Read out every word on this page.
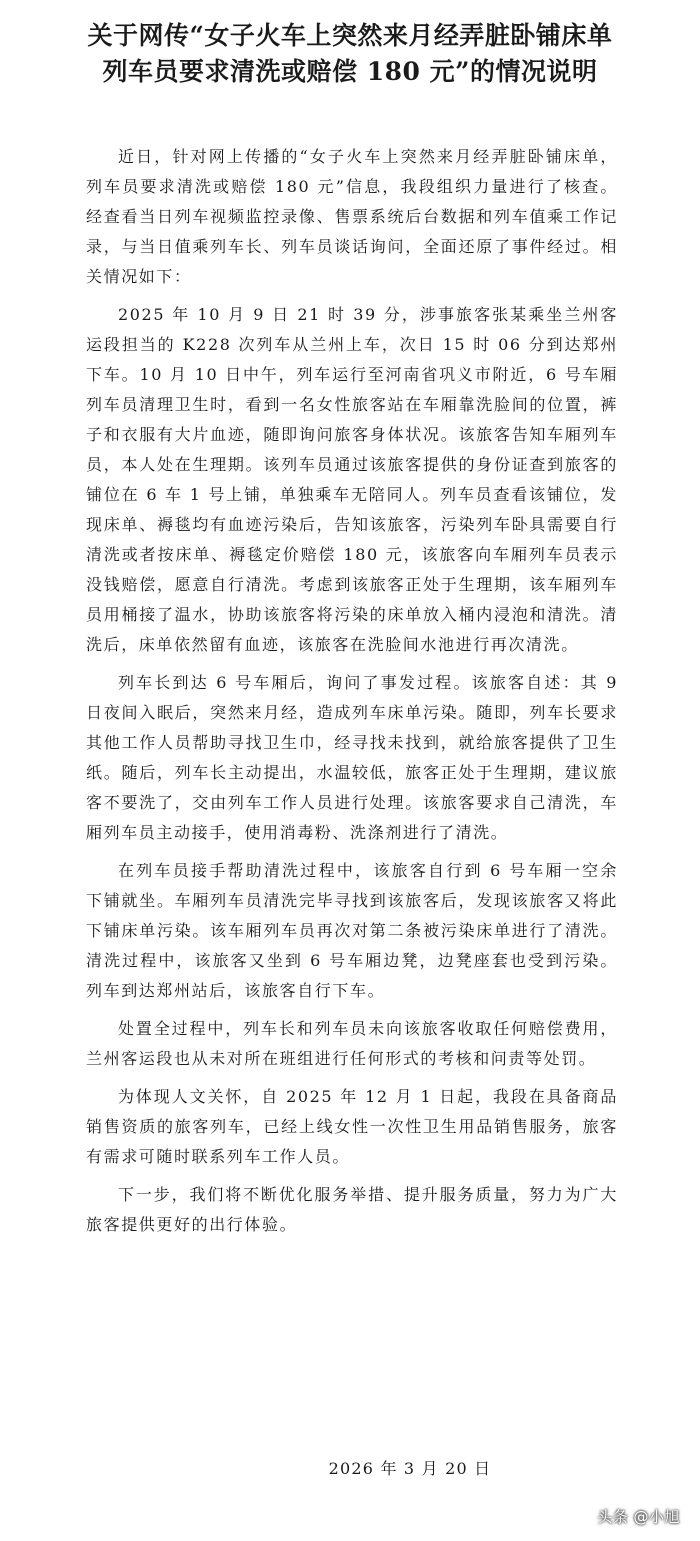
关于网传“女子火车上突然来月经弄脏卧铺床单
列车员要求清洗或赔偿 180 元”的情况说明

近日，针对网上传播的“女子火车上突然来月经弄脏卧铺床单，列车员要求清洗或赔偿 180 元”信息，我段组织力量进行了核查。经查看当日列车视频监控录像、售票系统后台数据和列车值乘工作记录，与当日值乘列车长、列车员谈话询问，全面还原了事件经过。相关情况如下：

2025 年 10 月 9 日 21 时 39 分，涉事旅客张某乘坐兰州客运段担当的 K228 次列车从兰州上车，次日 15 时 06 分到达郑州下车。10 月 10 日中午，列车运行至河南省巩义市附近，6 号车厢列车员清理卫生时，看到一名女性旅客站在车厢靠洗脸间的位置，裤子和衣服有大片血迹，随即询问旅客身体状况。该旅客告知车厢列车员，本人处在生理期。该列车员通过该旅客提供的身份证查到旅客的铺位在 6 车 1 号上铺，单独乘车无陪同人。列车员查看该铺位，发现床单、褥毯均有血迹污染后，告知该旅客，污染列车卧具需要自行清洗或者按床单、褥毯定价赔偿 180 元，该旅客向车厢列车员表示没钱赔偿，愿意自行清洗。考虑到该旅客正处于生理期，该车厢列车员用桶接了温水，协助该旅客将污染的床单放入桶内浸泡和清洗。清洗后，床单依然留有血迹，该旅客在洗脸间水池进行再次清洗。

列车长到达 6 号车厢后，询问了事发过程。该旅客自述：其 9 日夜间入眠后，突然来月经，造成列车床单污染。随即，列车长要求其他工作人员帮助寻找卫生巾，经寻找未找到，就给旅客提供了卫生纸。随后，列车长主动提出，水温较低，旅客正处于生理期，建议旅客不要洗了，交由列车工作人员进行处理。该旅客要求自己清洗，车厢列车员主动接手，使用消毒粉、洗涤剂进行了清洗。

在列车员接手帮助清洗过程中，该旅客自行到 6 号车厢一空余下铺就坐。车厢列车员清洗完毕寻找到该旅客后，发现该旅客又将此下铺床单污染。该车厢列车员再次对第二条被污染床单进行了清洗。清洗过程中，该旅客又坐到 6 号车厢边凳，边凳座套也受到污染。列车到达郑州站后，该旅客自行下车。

处置全过程中，列车长和列车员未向该旅客收取任何赔偿费用，兰州客运段也从未对所在班组进行任何形式的考核和问责等处罚。

为体现人文关怀，自 2025 年 12 月 1 日起，我段在具备商品销售资质的旅客列车，已经上线女性一次性卫生用品销售服务，旅客有需求可随时联系列车工作人员。

下一步，我们将不断优化服务举措、提升服务质量，努力为广大旅客提供更好的出行体验。

2026 年 3 月 20 日
头条 @小旭
